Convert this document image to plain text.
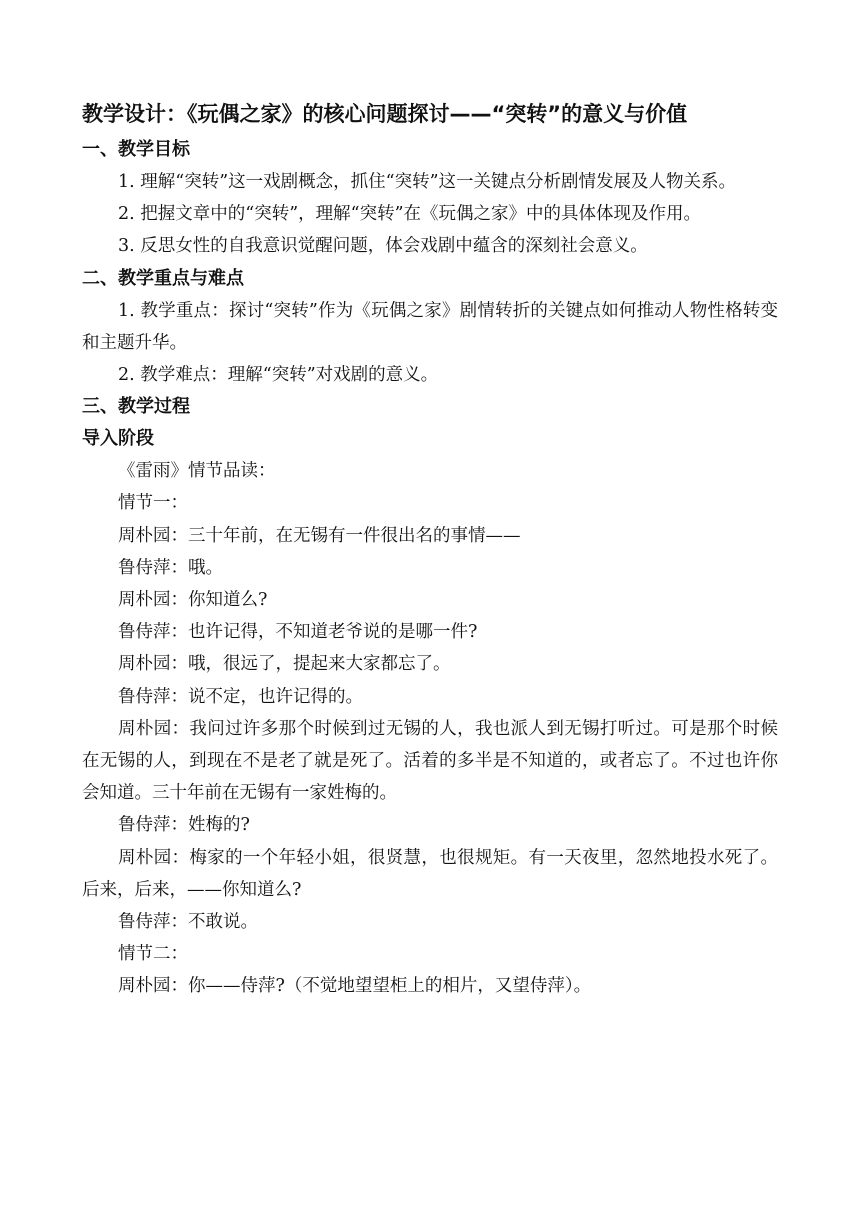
教学设计：《玩偶之家》的核心问题探讨——“突转”的意义与价值
一、教学目标

1. 理解“突转”这一戏剧概念，抓住“突转”这一关键点分析剧情发展及人物关系。

2. 把握文章中的“突转”，理解“突转”在《玩偶之家》中的具体体现及作用。

3. 反思女性的自我意识觉醒问题，体会戏剧中蕴含的深刻社会意义。

二、教学重点与难点

1. 教学重点：探讨“突转”作为《玩偶之家》剧情转折的关键点如何推动人物性格转变和主题升华。

2. 教学难点：理解“突转”对戏剧的意义。

三、教学过程
导入阶段

《雷雨》情节品读：

情节一：

周朴园：三十年前，在无锡有一件很出名的事情——

鲁侍萍：哦。

周朴园：你知道么?

鲁侍萍：也许记得，不知道老爷说的是哪一件?

周朴园：哦，很远了，提起来大家都忘了。

鲁侍萍：说不定，也许记得的。

周朴园：我问过许多那个时候到过无锡的人，我也派人到无锡打听过。可是那个时候在无锡的人，到现在不是老了就是死了。活着的多半是不知道的，或者忘了。不过也许你会知道。三十年前在无锡有一家姓梅的。

鲁侍萍：姓梅的?

周朴园：梅家的一个年轻小姐，很贤慧，也很规矩。有一天夜里，忽然地投水死了。后来，后来，——你知道么?

鲁侍萍：不敢说。

情节二：

周朴园：你——侍萍?（不觉地望望柜上的相片，又望侍萍）。
